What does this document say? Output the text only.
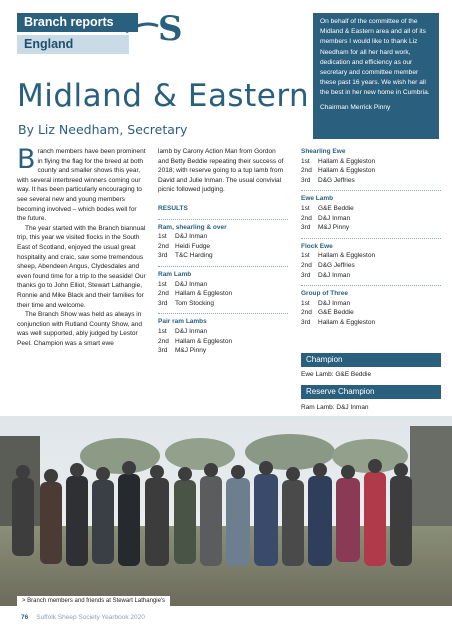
Branch reports
England	S
Midland & Eastern
By Liz Needham, Secretary
On behalf of the committee of the Midland & Eastern area and all of its members I would like to thank Liz Needham for all her hard work, dedication and efficiency as our secretary and committee member these past 16 years. We wish her all the best in her new home in Cumbria.
Chairman Merrick Pinny

Branch members have been prominent in flying the flag for the breed at both county and smaller shows this year, with several interbreed winners coming our way. It has been particularly encouraging to see several new and young members becoming involved – which bodes well for the future.

The year started with the Branch biannual trip, this year we visited flocks in the South East of Scotland, enjoyed the usual great hospitality and craic, saw some tremendous sheep, Abendeen Angus, Clydesdales and even found time for a trip to the seaside! Our thanks go to John Elliot, Stewart Lathangie, Ronnie and Mike Black and their families for their time and welcome.

The Branch Show was held as always in conjunction with Rutland County Show, and was well supported, ably judged by Lestor Peel. Champion was a smart ewe

lamb by Carony Action Man from Gordon and Betty Beddie repeating their success of 2018; with reserve going to a tup lamb from David and Julie Inman. The usual convivial picnic followed judging.

RESULTS
Ram, shearling & over
1st	D&J Inman
2nd Heidi Fudge
3rd	T&C Harding
Ram Lamb
1st	D&J Inman
2nd Hallam & Eggleston
3rd	Tom Stocking
Pair ram Lambs
1st	D&J Inman
2nd Hallam & Eggleston
3rd	M&J Pinny
Shearling Ewe
1st	Hallam & Eggleston
2nd Hallam & Eggleston
3rd	D&G Jeffries
Ewe Lamb
1st	G&E Beddie
2nd D&J Inman
3rd	M&J Pinny
Flock Ewe
1st	Hallam & Eggleston
2nd D&G Jeffries
3rd	D&J Inman
Group of Three
1st	D&J Inman
2nd G&E Beddie
3rd	Hallam & Eggleston
Champion
Ewe Lamb: G&E Beddie
Reserve Champion
Ram Lamb: D&J Inman
> Branch members and friends at Stewart Lathangie's
76 Suffolk Sheep Society Yearbook 2020
